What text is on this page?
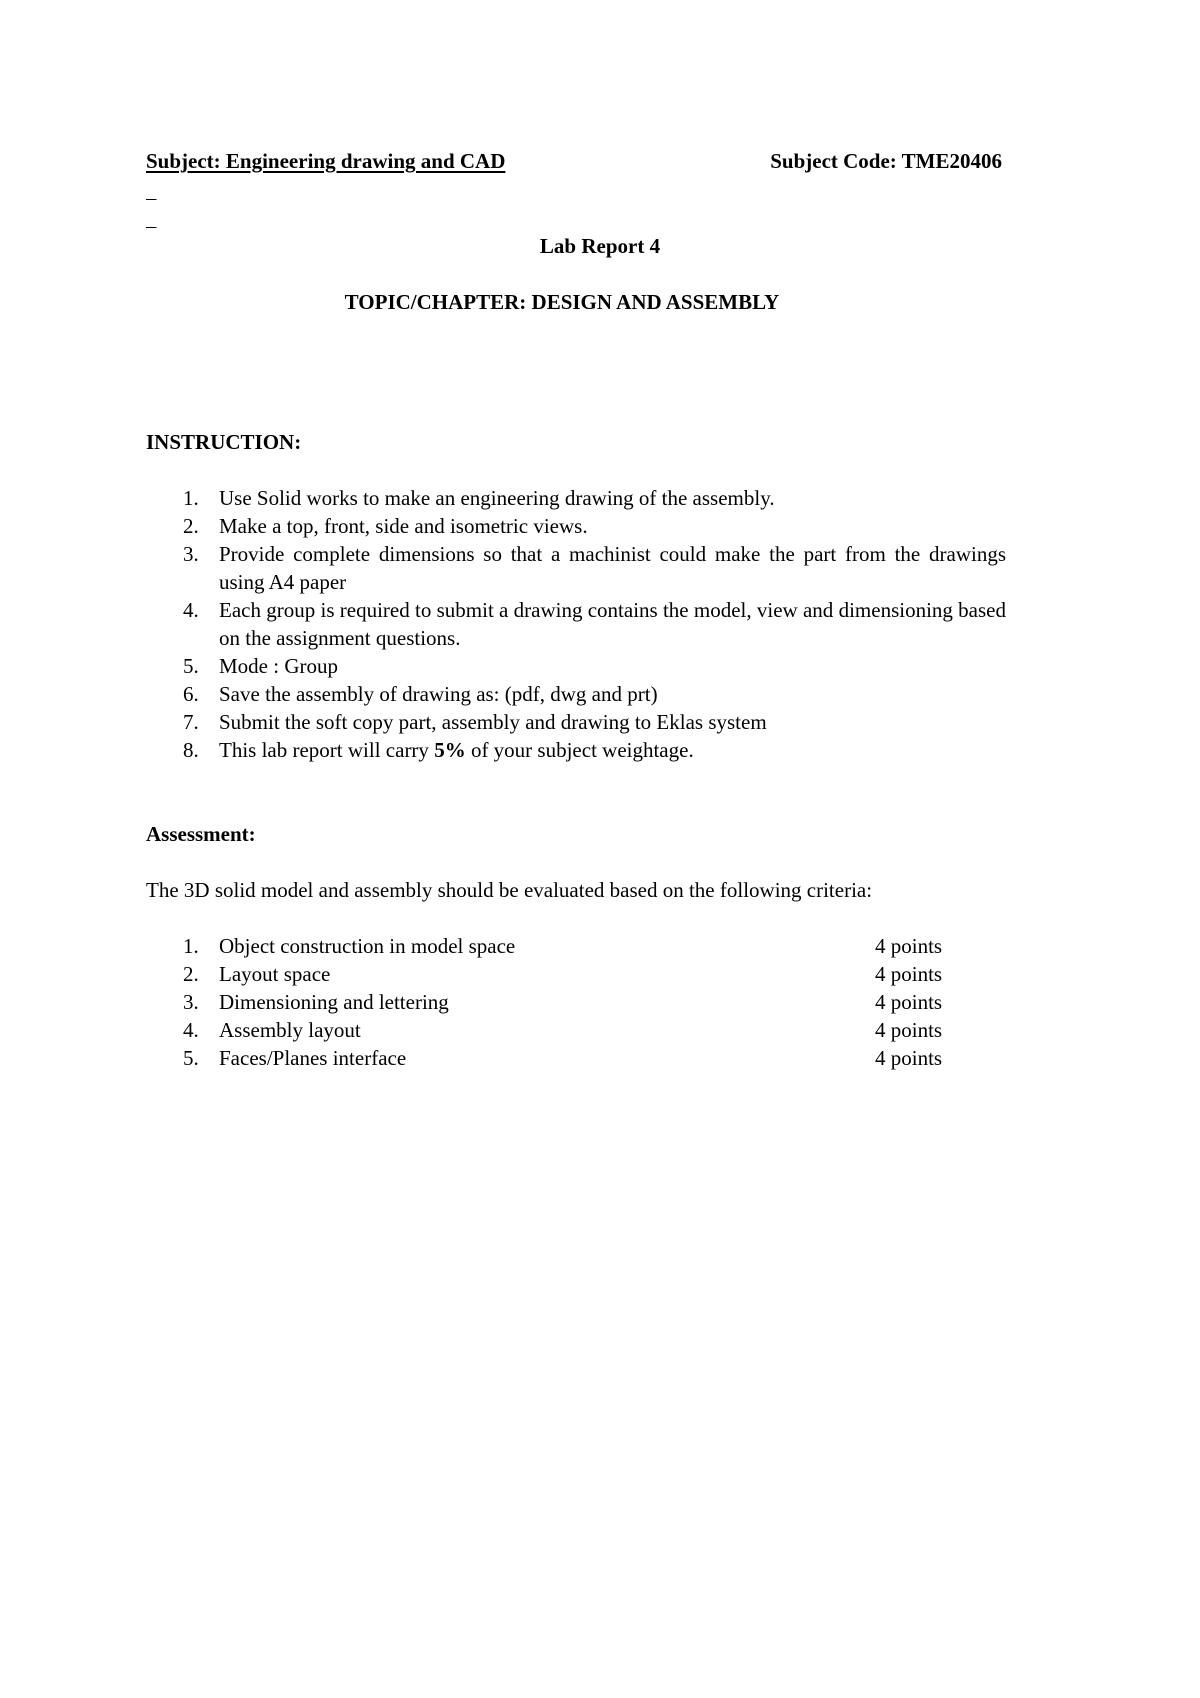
Subject: Engineering drawing and CAD

	Subject Code: TME20406

Lab Report 4
TOPIC/CHAPTER: DESIGN AND ASSEMBLY
INSTRUCTION:
1. Use Solid works to make an engineering drawing of the assembly.
2. Make a top, front, side and isometric views.
3. Provide complete dimensions so that a machinist could make the part from the drawings using A4 paper
4. Each group is required to submit a drawing contains the model, view and dimensioning based on the assignment questions.
5. Mode : Group
6. Save the assembly of drawing as: (pdf, dwg and prt)
7. Submit the soft copy part, assembly and drawing to Eklas system
8. This lab report will carry 5% of your subject weightage.
Assessment:
The 3D solid model and assembly should be evaluated based on the following criteria:
1. Object construction in model space	4 points
2. Layout space	4 points
3. Dimensioning and lettering	4 points
4. Assembly layout	4 points
5. Faces/Planes interface	4 points
